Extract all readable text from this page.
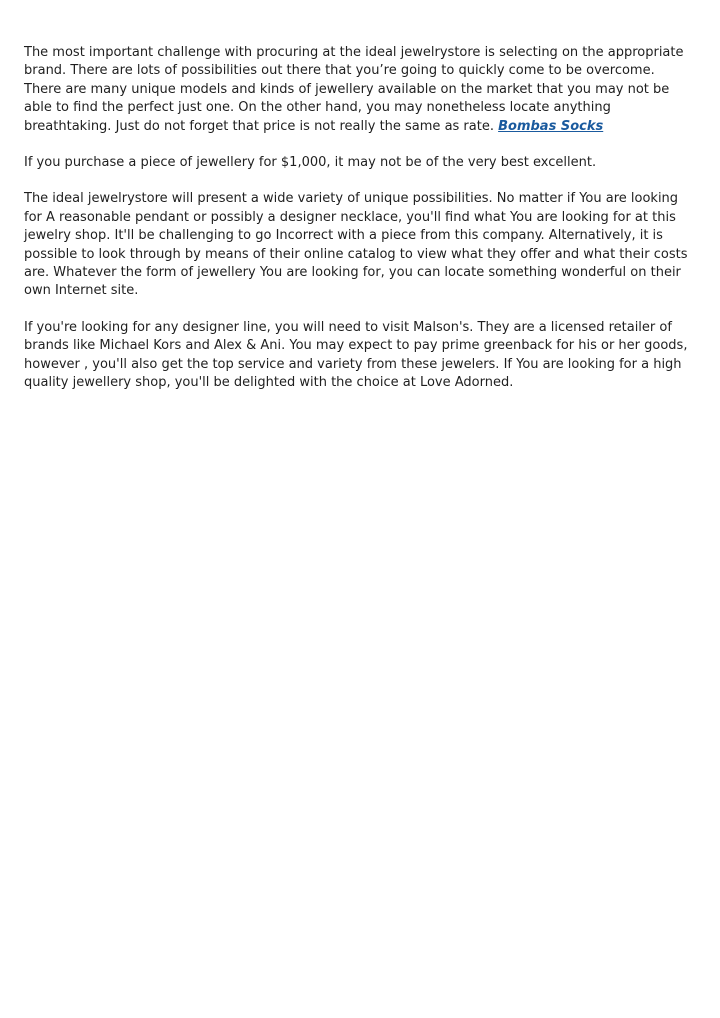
The most important challenge with procuring at the ideal jewelrystore is selecting on the appropriate brand. There are lots of possibilities out there that you’re going to quickly come to be overcome. There are many unique models and kinds of jewellery available on the market that you may not be able to find the perfect just one. On the other hand, you may nonetheless locate anything breathtaking. Just do not forget that price is not really the same as rate. Bombas Socks

If you purchase a piece of jewellery for $1,000, it may not be of the very best excellent.

The ideal jewelrystore will present a wide variety of unique possibilities. No matter if You are looking for A reasonable pendant or possibly a designer necklace, you'll find what You are looking for at this jewelry shop. It'll be challenging to go Incorrect with a piece from this company. Alternatively, it is possible to look through by means of their online catalog to view what they offer and what their costs are. Whatever the form of jewellery You are looking for, you can locate something wonderful on their own Internet site.

If you're looking for any designer line, you will need to visit Malson's. They are a licensed retailer of brands like Michael Kors and Alex & Ani. You may expect to pay prime greenback for his or her goods, however , you'll also get the top service and variety from these jewelers. If You are looking for a high quality jewellery shop, you'll be delighted with the choice at Love Adorned.
